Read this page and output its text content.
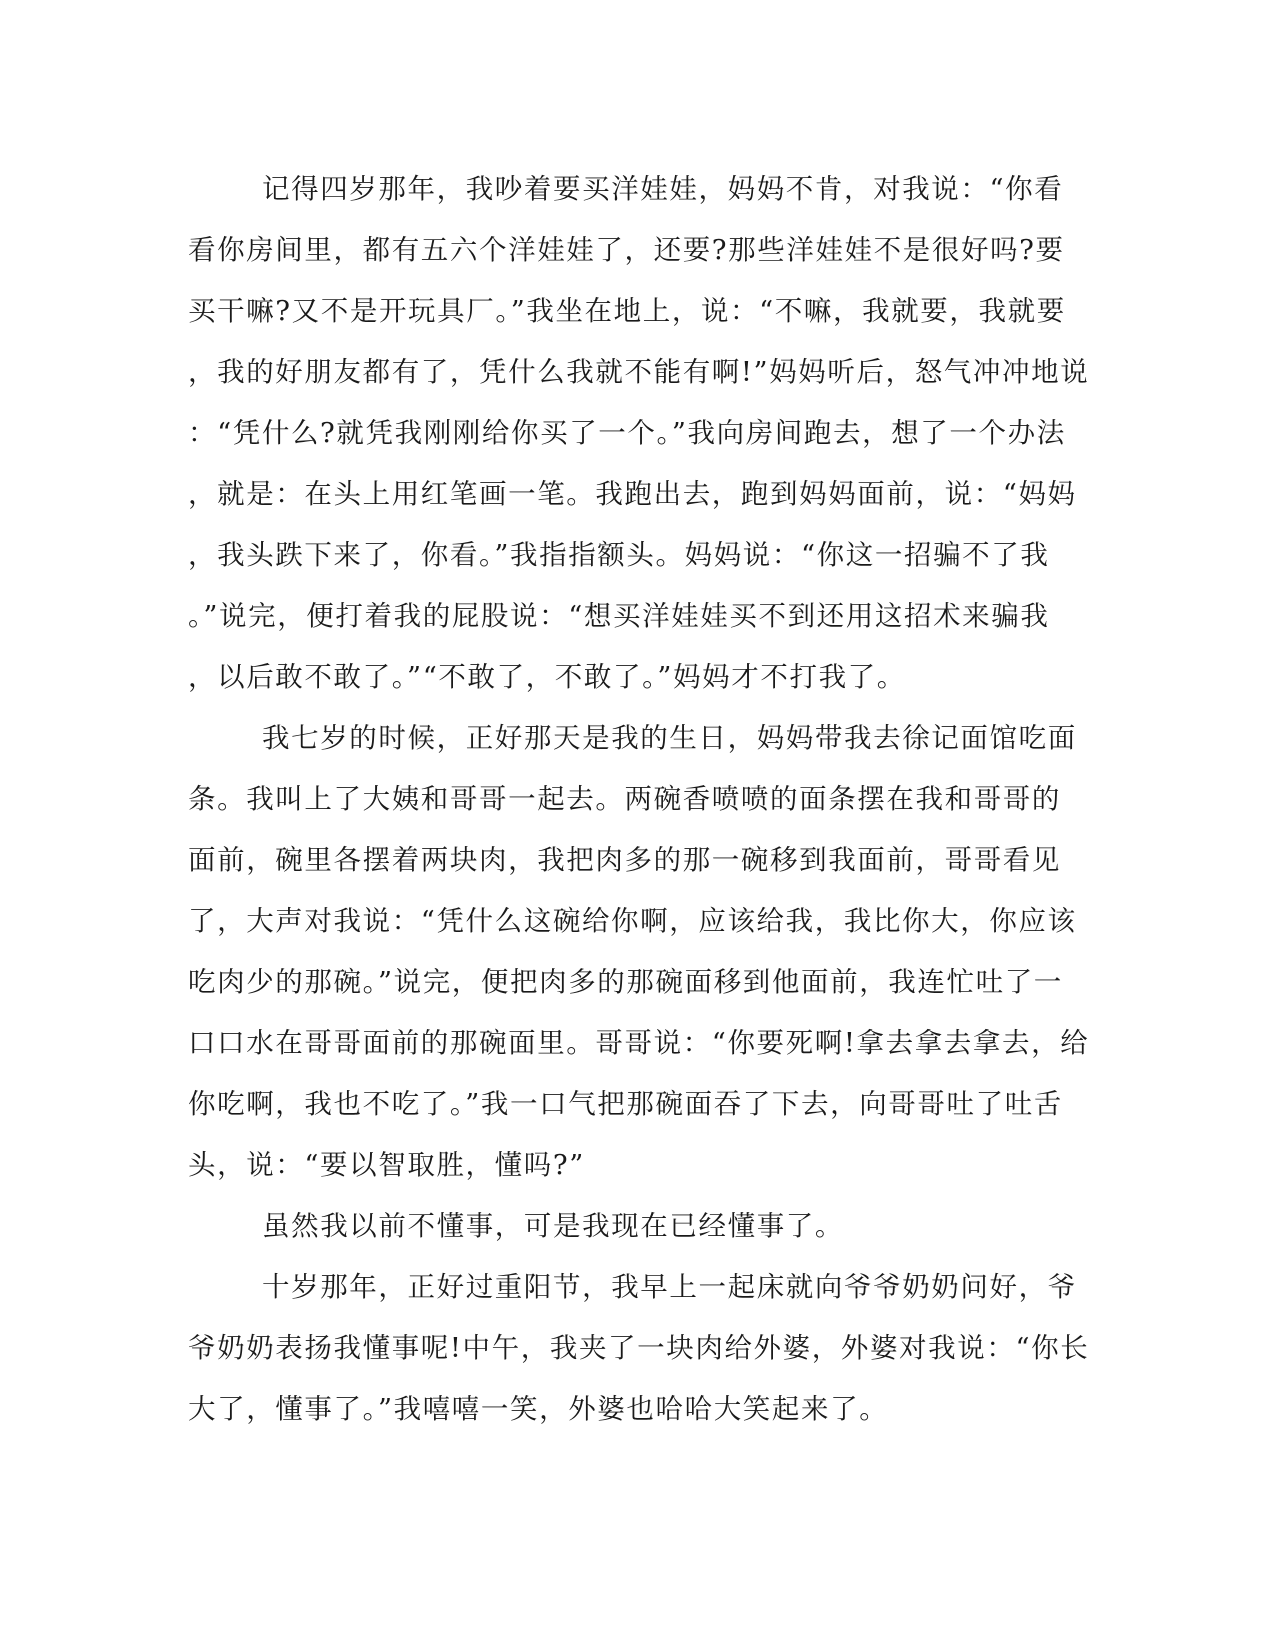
记得四岁那年，我吵着要买洋娃娃，妈妈不肯，对我说：“你看
看你房间里，都有五六个洋娃娃了，还要?那些洋娃娃不是很好吗?要
买干嘛?又不是开玩具厂。”我坐在地上，说：“不嘛，我就要，我就要
，我的好朋友都有了，凭什么我就不能有啊!”妈妈听后，怒气冲冲地说
：“凭什么?就凭我刚刚给你买了一个。”我向房间跑去，想了一个办法
，就是：在头上用红笔画一笔。我跑出去，跑到妈妈面前，说：“妈妈
，我头跌下来了，你看。”我指指额头。妈妈说：“你这一招骗不了我
。”说完，便打着我的屁股说：“想买洋娃娃买不到还用这招术来骗我
，以后敢不敢了。”“不敢了，不敢了。”妈妈才不打我了。
我七岁的时候，正好那天是我的生日，妈妈带我去徐记面馆吃面
条。我叫上了大姨和哥哥一起去。两碗香喷喷的面条摆在我和哥哥的
面前，碗里各摆着两块肉，我把肉多的那一碗移到我面前，哥哥看见
了，大声对我说：“凭什么这碗给你啊，应该给我，我比你大，你应该
吃肉少的那碗。”说完，便把肉多的那碗面移到他面前，我连忙吐了一
口口水在哥哥面前的那碗面里。哥哥说：“你要死啊!拿去拿去拿去，给
你吃啊，我也不吃了。”我一口气把那碗面吞了下去，向哥哥吐了吐舌
头，说：“要以智取胜，懂吗?”
虽然我以前不懂事，可是我现在已经懂事了。
十岁那年，正好过重阳节，我早上一起床就向爷爷奶奶问好，爷
爷奶奶表扬我懂事呢!中午，我夹了一块肉给外婆，外婆对我说：“你长
大了，懂事了。”我嘻嘻一笑，外婆也哈哈大笑起来了。
